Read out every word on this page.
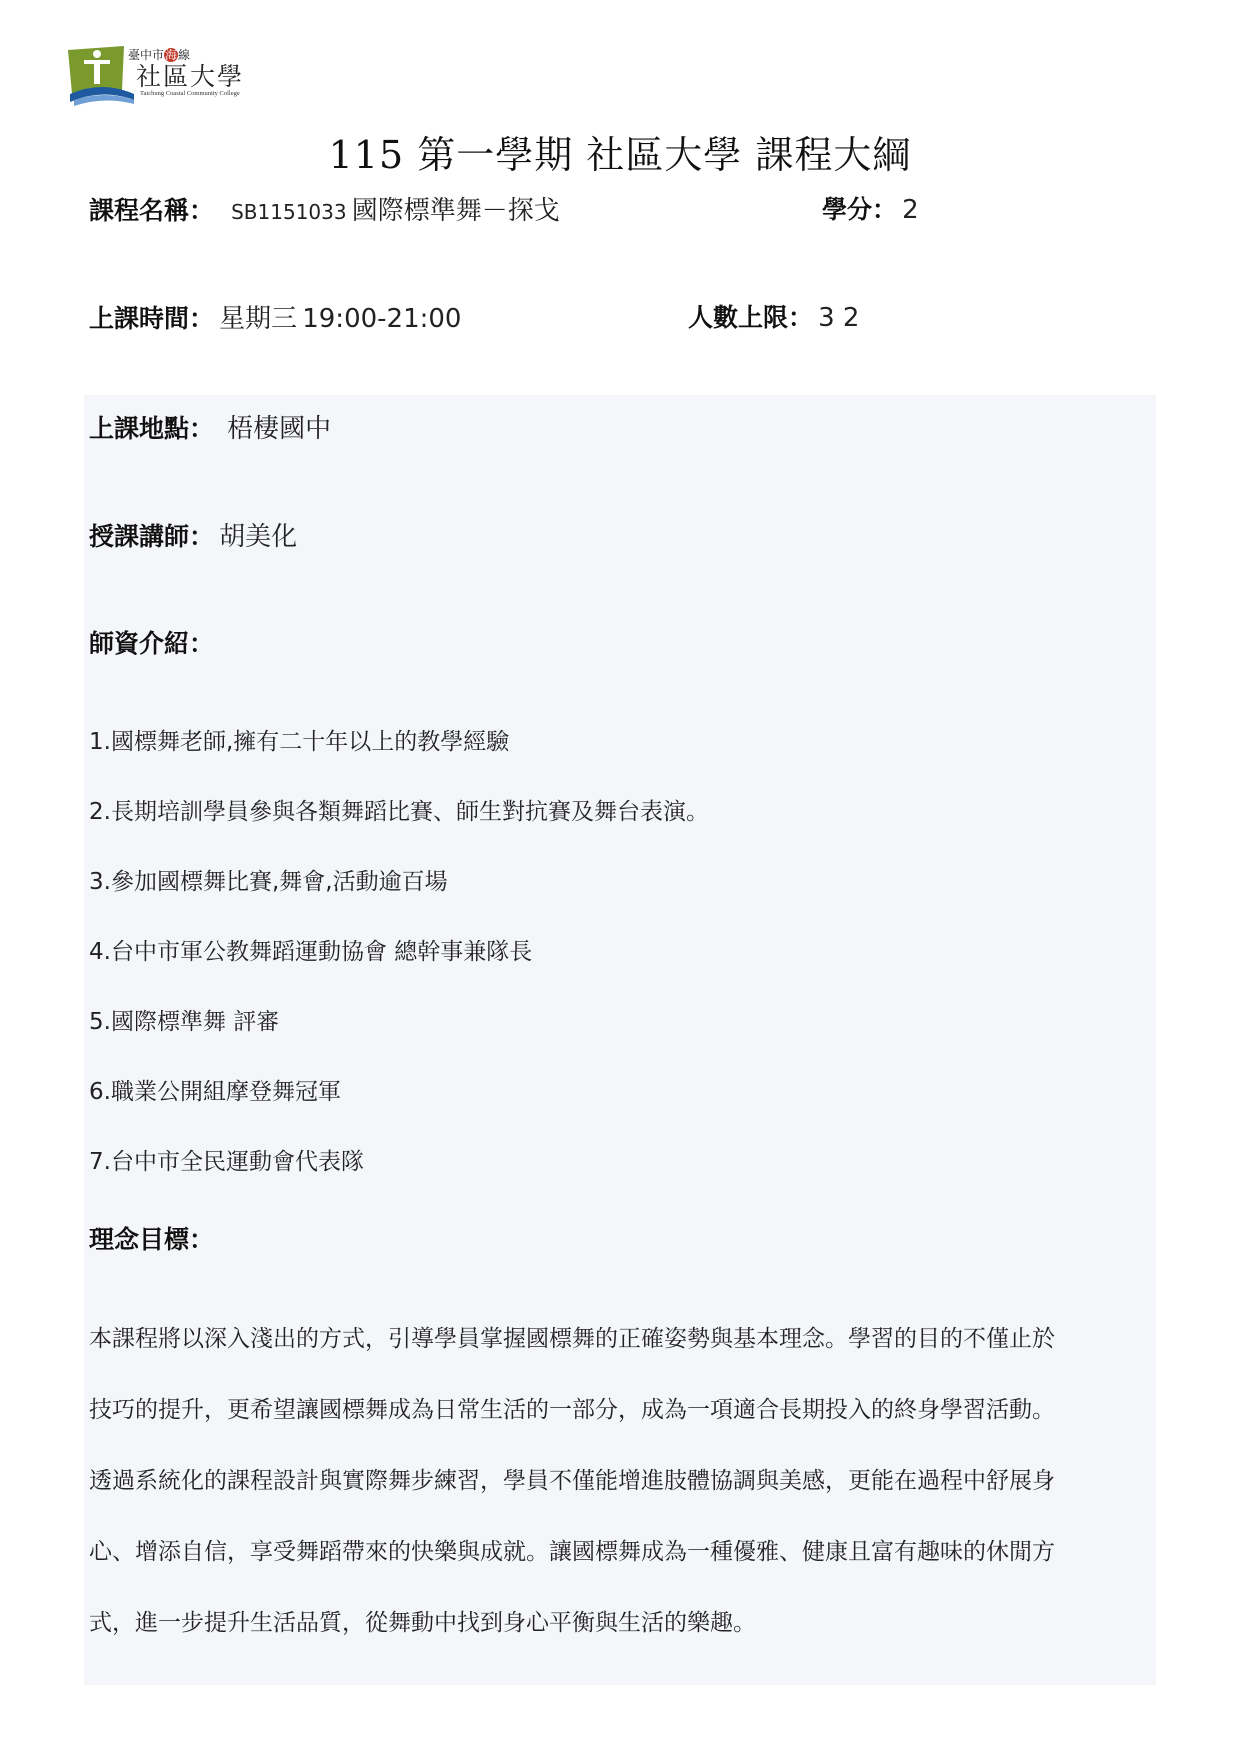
臺中市海線
社區大學
Taichung Coastal Community College
115 第一學期 社區大學 課程大綱
課程名稱： SB1151033 國際標準舞－探戈	學分： 2
上課時間： 星期三 19:00-21:00	人數上限： 3 2
上課地點： 梧棲國中
授課講師： 胡美化
師資介紹：
1.國標舞老師,擁有二十年以上的教學經驗
2.長期培訓學員參與各類舞蹈比賽、師生對抗賽及舞台表演。
3.參加國標舞比賽,舞會,活動逾百場
4.台中市軍公教舞蹈運動協會 總幹事兼隊長
5.國際標準舞 評審
6.職業公開組摩登舞冠軍
7.台中市全民運動會代表隊
理念目標：
本課程將以深入淺出的方式，引導學員掌握國標舞的正確姿勢與基本理念。學習的目的不僅止於
技巧的提升，更希望讓國標舞成為日常生活的一部分，成為一項適合長期投入的終身學習活動。
透過系統化的課程設計與實際舞步練習，學員不僅能增進肢體協調與美感，更能在過程中舒展身
心、增添自信，享受舞蹈帶來的快樂與成就。讓國標舞成為一種優雅、健康且富有趣味的休閒方
式，進一步提升生活品質，從舞動中找到身心平衡與生活的樂趣。
